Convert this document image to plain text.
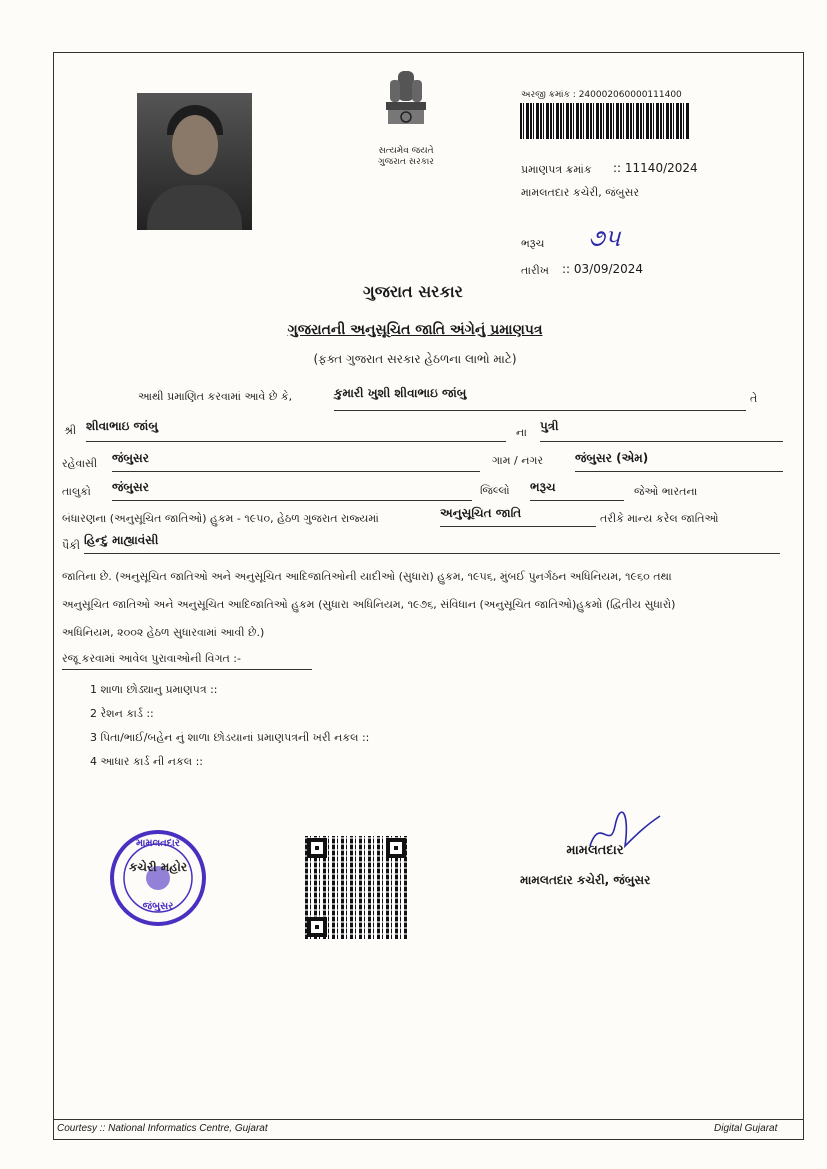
સત્યમેવ જયતે
ગુજરાત સરકાર
અરજી ક્રમાંક : 240002060000111400
પ્રમાણપત્ર ક્રમાંક :: 11140/2024
મામલતદાર કચેરી, જંબુસર
ભરૂચ ૭૫
તારીખ :: 03/09/2024
ગુજરાત સરકાર
ગુજરાતની અનુસૂચિત જાતિ અંગેનું પ્રમાણપત્ર
(ફક્ત ગુજરાત સરકાર હેઠળના લાભો માટે)
આથી પ્રમાણિત કરવામાં આવે છે કે,	કુમારી ખુશી શીવાભાઇ જાંબુ	તે
શ્રી શીવાભાઇ જાંબુ	ના પુત્રી
રહેવાસી જંબુસર	ગામ / નગર	જંબુસર (એમ)
તાલુકો જંબુસર	જિલ્લો ભરૂચ	જેઓ ભારતના
બંધારણના (અનુસૂચિત જાતિઓ) હુકમ - ૧૯૫૦, હેઠળ ગુજરાત રાજ્યમાં	અનુસૂચિત જાતિ	તરીકે માન્ય કરેલ જાતિઓ
પૈકી હિન્દુ માહ્યાવંસી
જાતિના છે. (અનુસૂચિત જાતિઓ અને અનુસૂચિત આદિજાતિઓની યાદીઓ (સુધારા) હુકમ, ૧૯૫૬, મુંબઈ પુનર્ગઠન અધિનિયમ, ૧૯૬૦ તથા
અનુસૂચિત જાતિઓ અને અનુસૂચિત આદિજાતિઓ હુકમ (સુધારા અધિનિયમ, ૧૯૭૬, સંવિધાન (અનુસૂચિત જાતિઓ)હુકમો (દ્વિતીય સુધારો)
અધિનિયમ, ૨૦૦૨ હેઠળ સુધારવામાં આવી છે.)
રજૂ કરવામાં આવેલ પુરાવાઓની વિગત :-
1 શાળા છોડ્યાનુ પ્રમાણપત્ર ::
2 રેશન કાર્ડ ::
3 પિતા/ભાઈ/બહેન નું શાળા છોડયાનાં પ્રમાણપત્રની ખરી નકલ ::
4 આધાર કાર્ડ ની નકલ ::
મામલતદાર
કચેરી મહોર
જંબુસર
મામલતદાર
મામલતદાર કચેરી, જંબુસર
Courtesy :: National Informatics Centre, Gujarat	Digital Gujarat
